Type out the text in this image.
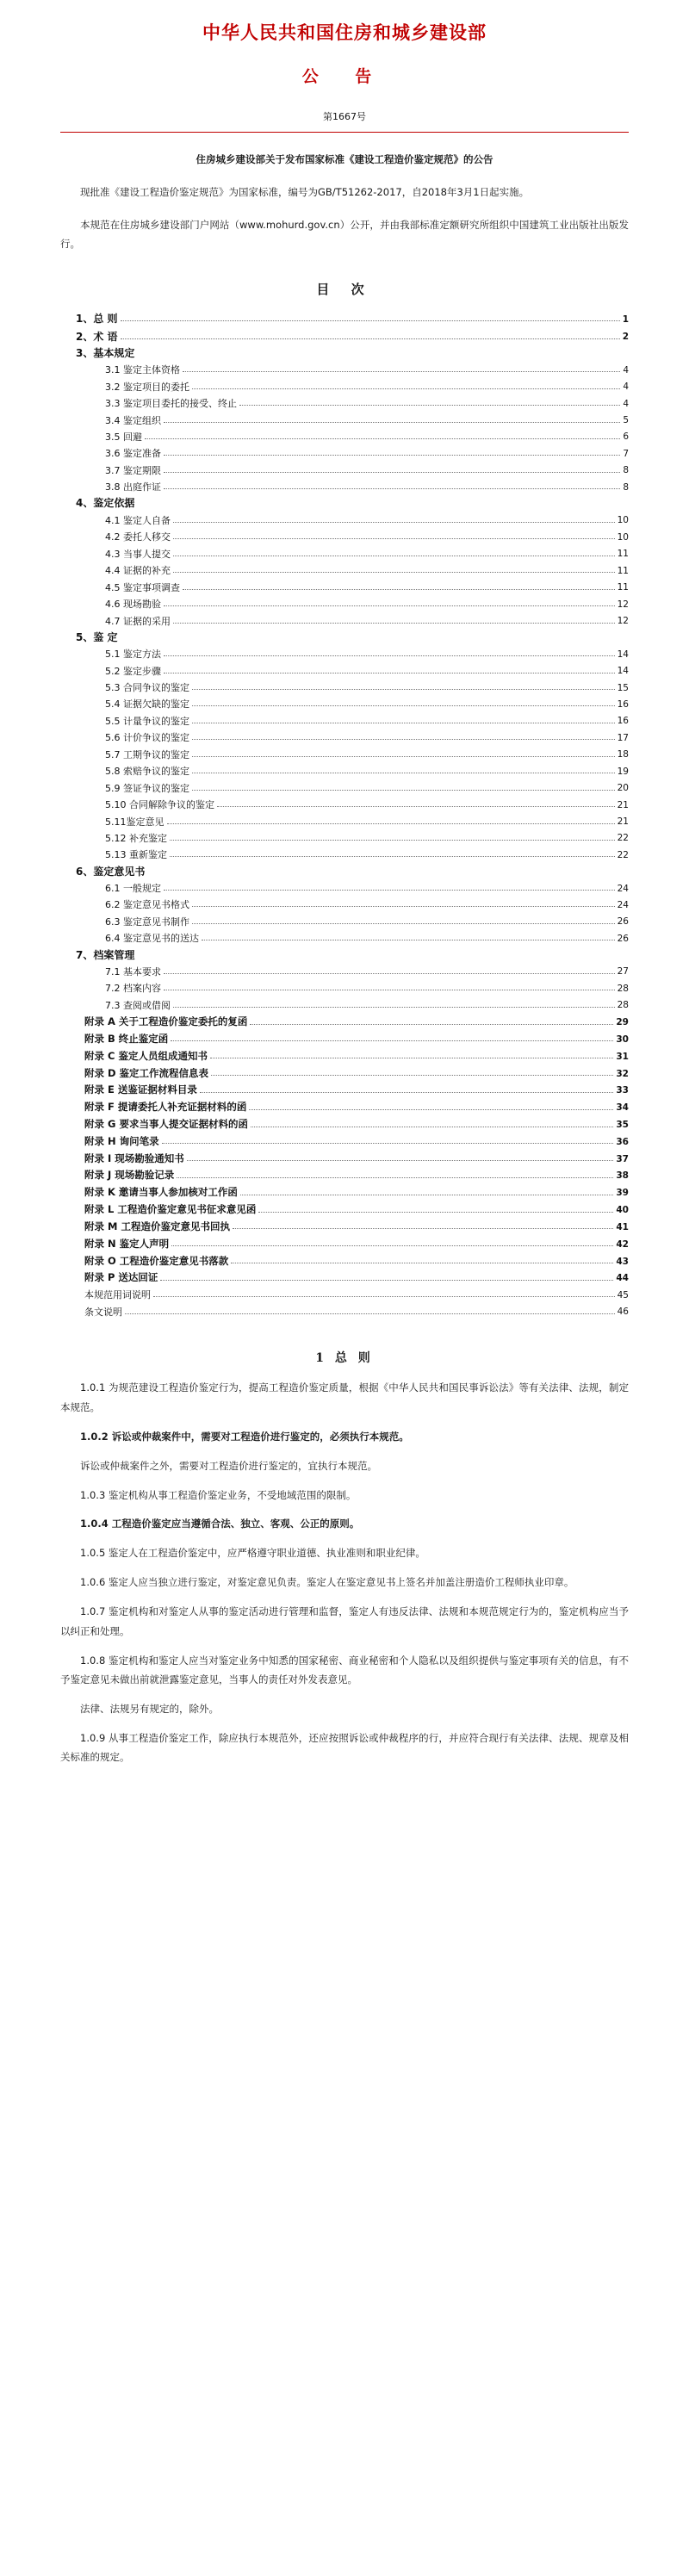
中华人民共和国住房和城乡建设部
公 告
第1667号
住房城乡建设部关于发布国家标准《建设工程造价鉴定规范》的公告
现批准《建设工程造价鉴定规范》为国家标准，编号为GB/T51262-2017，自2018年3月1日起实施。
本规范在住房城乡建设部门户网站（www.mohurd.gov.cn）公开，并由我部标准定额研究所组织中国建筑工业出版社出版发行。
目 次
1、总 则	1
2、术 语	2
3、基本规定
3.1 鉴定主体资格	4
3.2 鉴定项目的委托	4
3.3 鉴定项目委托的接受、终止	4
3.4 鉴定组织	5
3.5 回避	6
3.6 鉴定准备	7
3.7 鉴定期限	8
3.8 出庭作证	8
4、鉴定依据
4.1 鉴定人自备	10
4.2 委托人移交	10
4.3 当事人提交	11
4.4 证据的补充	11
4.5 鉴定事项调查	11
4.6 现场勘验	12
4.7 证据的采用	12
5、鉴 定
5.1 鉴定方法	14
5.2 鉴定步骤	14
5.3 合同争议的鉴定	15
5.4 证据欠缺的鉴定	16
5.5 计量争议的鉴定	16
5.6 计价争议的鉴定	17
5.7 工期争议的鉴定	18
5.8 索赔争议的鉴定	19
5.9 签证争议的鉴定	20
5.10 合同解除争议的鉴定	21
5.11鉴定意见	21
5.12 补充鉴定	22
5.13 重新鉴定	22
6、鉴定意见书
6.1 一般规定	24
6.2 鉴定意见书格式	24
6.3 鉴定意见书制作	26
6.4 鉴定意见书的送达	26
7、档案管理
7.1 基本要求	27
7.2 档案内容	28
7.3 查阅或借阅	28
附录 A 关于工程造价鉴定委托的复函	29
附录 B 终止鉴定函	30
附录 C 鉴定人员组成通知书	31
附录 D 鉴定工作流程信息表	32
附录 E 送鉴证据材料目录	33
附录 F 提请委托人补充证据材料的函	34
附录 G 要求当事人提交证据材料的函	35
附录 H 询问笔录	36
附录 I 现场勘验通知书	37
附录 J 现场勘验记录	38
附录 K 邀请当事人参加核对工作函	39
附录 L 工程造价鉴定意见书征求意见函	40
附录 M 工程造价鉴定意见书回执	41
附录 N 鉴定人声明	42
附录 O 工程造价鉴定意见书落款	43
附录 P 送达回证	44
本规范用词说明	45
条文说明	46
1 总 则

1.0.1 为规范建设工程造价鉴定行为，提高工程造价鉴定质量，根据《中华人民共和国民事诉讼法》等有关法律、法规，制定本规范。

1.0.2 诉讼或仲裁案件中，需要对工程造价进行鉴定的，必须执行本规范。

诉讼或仲裁案件之外，需要对工程造价进行鉴定的，宜执行本规范。

1.0.3 鉴定机构从事工程造价鉴定业务，不受地域范围的限制。

1.0.4 工程造价鉴定应当遵循合法、独立、客观、公正的原则。

1.0.5 鉴定人在工程造价鉴定中，应严格遵守职业道德、执业准则和职业纪律。

1.0.6 鉴定人应当独立进行鉴定，对鉴定意见负责。鉴定人在鉴定意见书上签名并加盖注册造价工程师执业印章。

1.0.7 鉴定机构和对鉴定人从事的鉴定活动进行管理和监督，鉴定人有违反法律、法规和本规范规定行为的，鉴定机构应当予以纠正和处理。

1.0.8 鉴定机构和鉴定人应当对鉴定业务中知悉的国家秘密、商业秘密和个人隐私以及组织提供与鉴定事项有关的信息，有不予鉴定意见未做出前就泄露鉴定意见，当事人的责任对外发表意见。

法律、法规另有规定的，除外。

1.0.9 从事工程造价鉴定工作，除应执行本规范外，还应按照诉讼或仲裁程序的行，并应符合现行有关法律、法规、规章及相关标准的规定。
